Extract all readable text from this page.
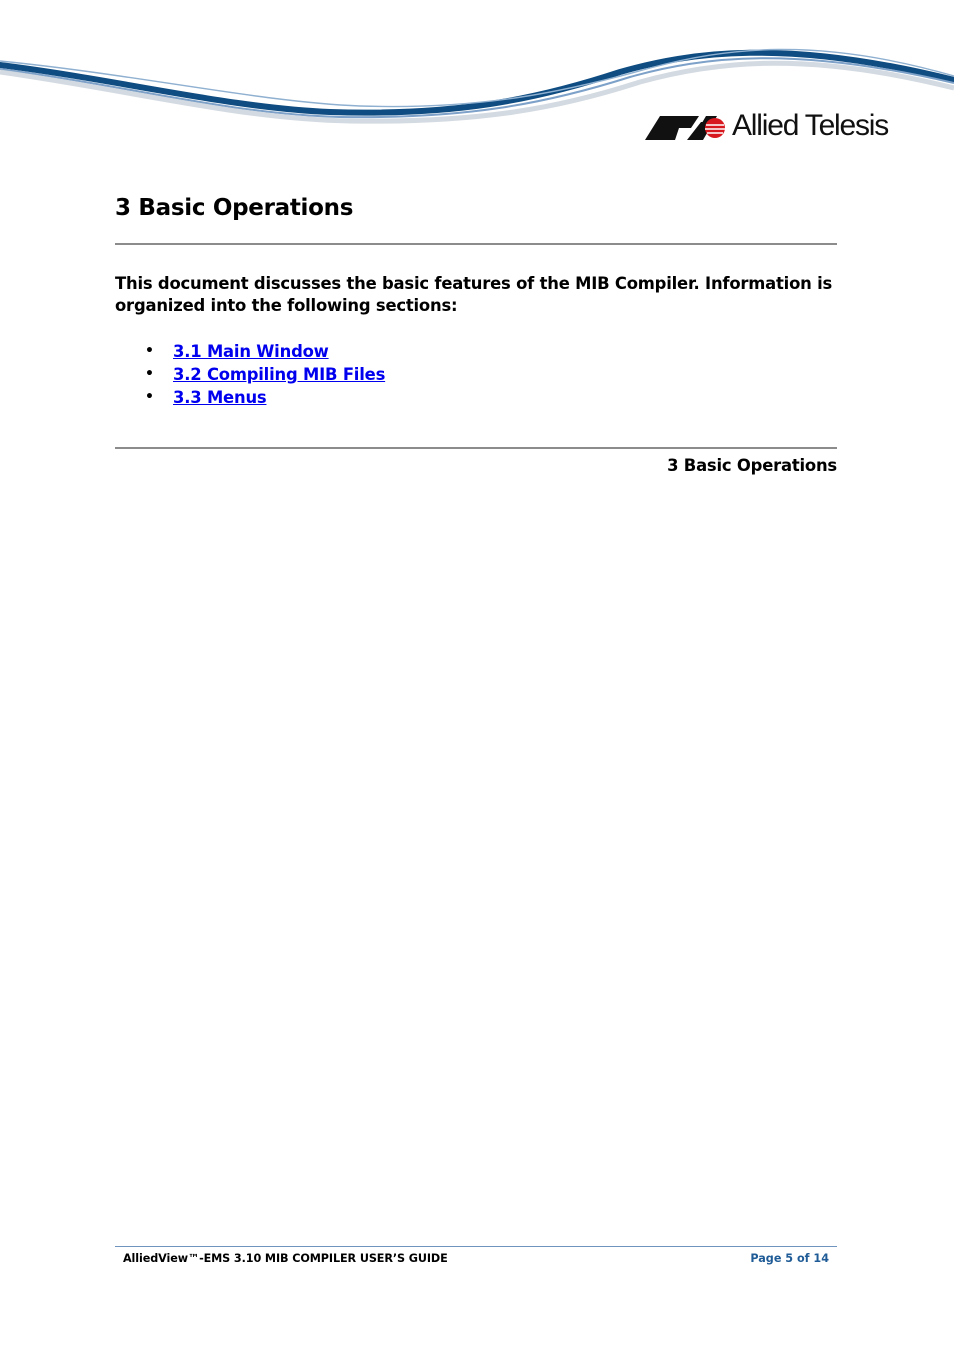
Allied Telesis
3 Basic Operations

This document discusses the basic features of the MIB Compiler. Information is organized into the following sections:

• 3.1 Main Window
• 3.2 Compiling MIB Files
• 3.3 Menus
3 Basic Operations
AlliedView™-EMS 3.10 MIB COMPILER USER’S GUIDE	Page 5 of 14
